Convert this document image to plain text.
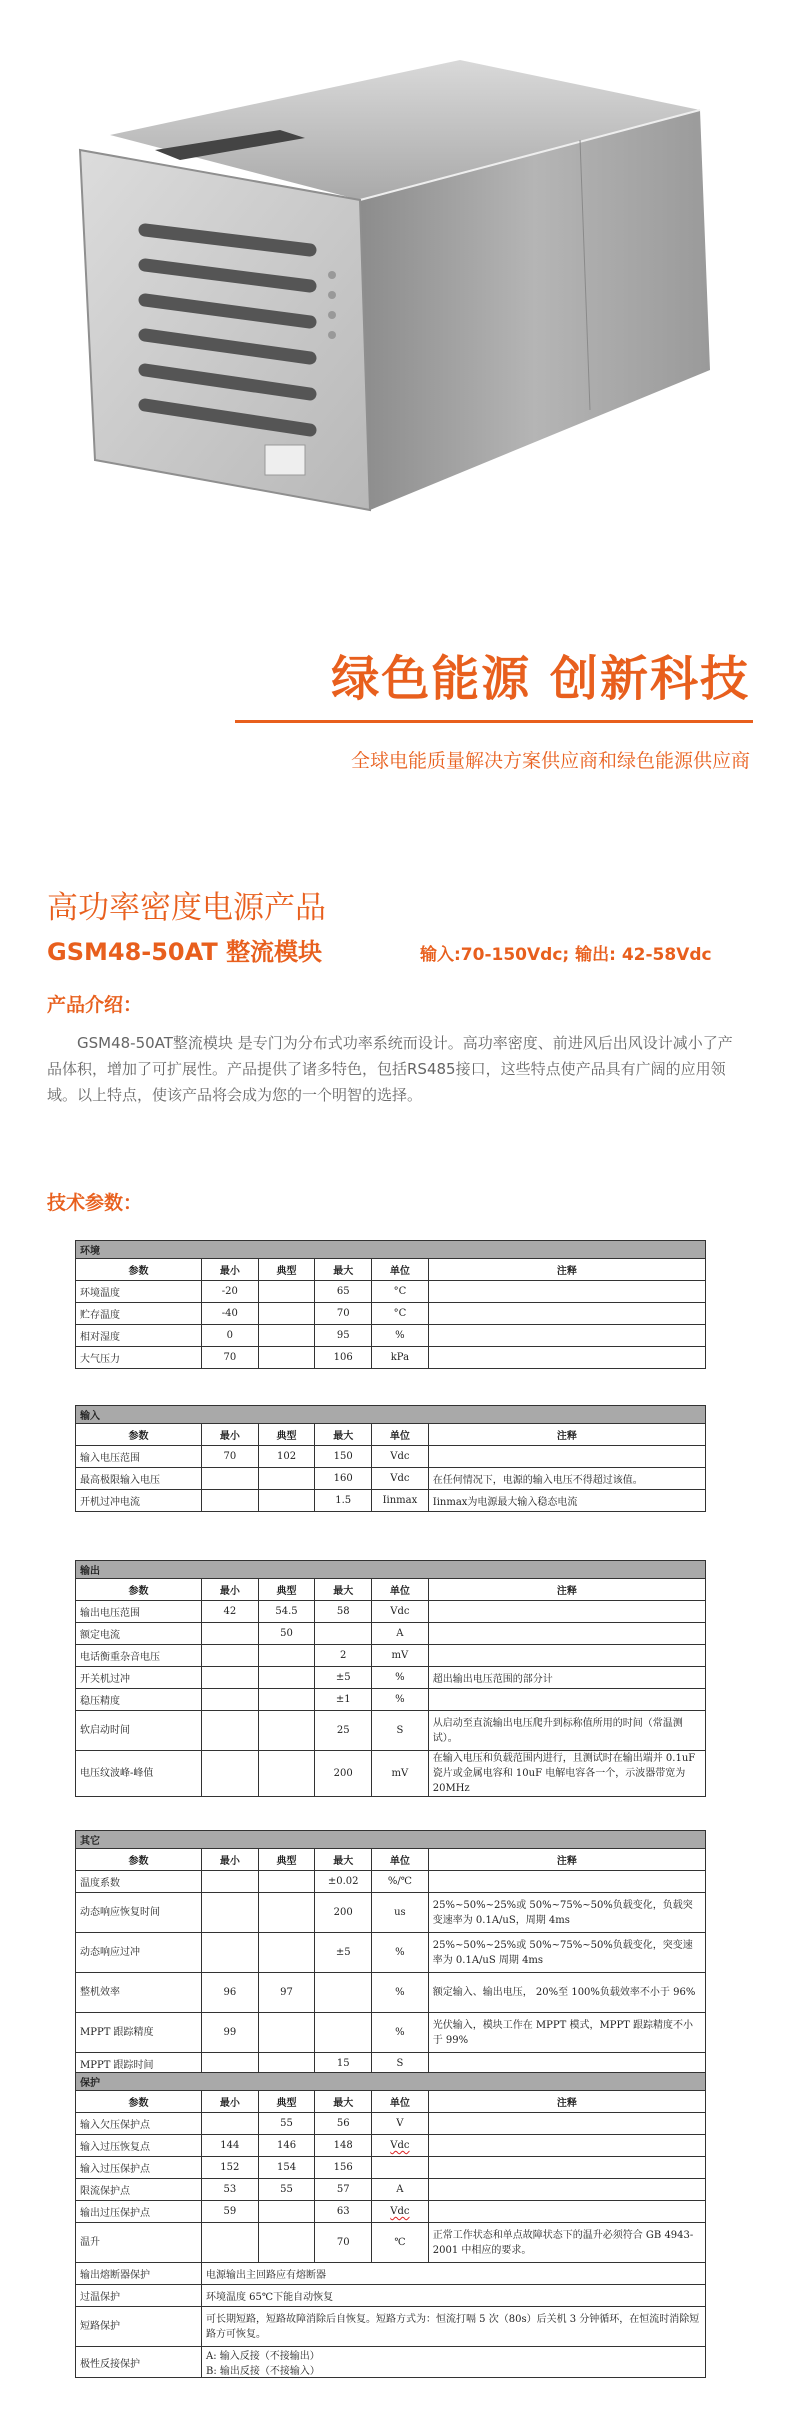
绿色能源 创新科技
全球电能质量解决方案供应商和绿色能源供应商
高功率密度电源产品
GSM48-50AT 整流模块	输入:70-150Vdc; 输出: 42-58Vdc
产品介绍：

GSM48-50AT整流模块 是专门为分布式功率系统而设计。高功率密度、前进风后出风设计减小了产品体积，增加了可扩展性。产品提供了诸多特色，包括RS485接口，这些特点使产品具有广阔的应用领域。以上特点，使该产品将会成为您的一个明智的选择。

技术参数：
环境					
参数	最小	典型	最大	单位	注释
环境温度	-20		65	°C	
贮存温度	-40		70	°C	
相对湿度	0		95	%	
大气压力	70		106	kPa	
输入					
参数	最小	典型	最大	单位	注释
输入电压范围	70	102	150	Vdc	
最高极限输入电压			160	Vdc	在任何情况下，电源的输入电压不得超过该值。
开机过冲电流			1.5	Iinmax	Iinmax为电源最大输入稳态电流
输出					
参数	最小	典型	最大	单位	注释
输出电压范围	42	54.5	58	Vdc	
额定电流		50		A	
电话衡重杂音电压			2	mV	
开关机过冲			±5	%	超出输出电压范围的部分计
稳压精度			±1	%	
软启动时间			25	S	从启动至直流输出电压爬升到标称值所用的时间（常温测试）。
电压纹波峰-峰值			200	mV	在输入电压和负载范围内进行，且测试时在输出端并 0.1uF瓷片或金属电容和 10uF 电解电容各一个，示波器带宽为 20MHz
其它					
参数	最小	典型	最大	单位	注释
温度系数			±0.02	%/℃	
动态响应恢复时间			200	us	25%~50%~25%或 50%~75%~50%负载变化，负载突变速率为 0.1A/uS，周期 4ms
动态响应过冲			±5	%	25%~50%~25%或 50%~75%~50%负载变化，突变速率为 0.1A/uS 周期 4ms
整机效率	96	97		%	额定输入、输出电压， 20%至 100%负载效率不小于 96%
MPPT 跟踪精度	99			%	光伏输入，模块工作在 MPPT 模式，MPPT 跟踪精度不小于 99%
MPPT 跟踪时间			15	S	
保护					
参数	最小	典型	最大	单位	注释
输入欠压保护点		55	56	V	
输入过压恢复点	144	146	148	Vdc	
输入过压保护点	152	154	156		
限流保护点	53	55	57	A	
输出过压保护点	59		63	Vdc	
温升			70	℃	正常工作状态和单点故障状态下的温升必须符合 GB 4943-2001 中相应的要求。
输出熔断器保护	电源输出主回路应有熔断器				
过温保护	环境温度 65℃下能自动恢复				
短路保护	可长期短路，短路故障消除后自恢复。短路方式为：恒流打嗝 5 次（80s）后关机 3 分钟循环，在恒流时消除短路方可恢复。				
极性反接保护	A: 输入反接（不接输出）
B: 输出反接（不接输入）				
